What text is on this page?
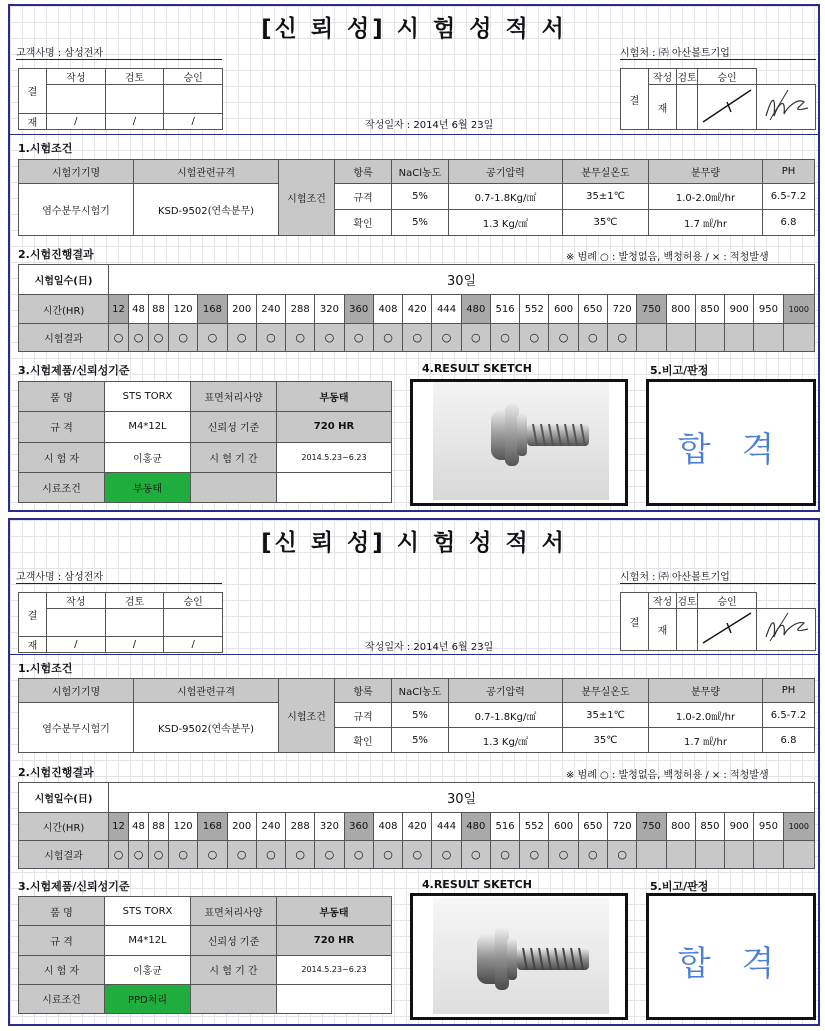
[신 뢰 성] 시 험 성 적 서
고객사명 : 삼성전자	시험처 : ㈜ 아산볼트기업
결	작성	검토	승인

재	/	/	/	작성일자 : 2014년 6월 23일
결	작성	검토	승인	
	재			
1.시험조건
시험기기명	시험관련규격	시험조건	항록	NaCl농도	공기압력	분무실온도	분무량	PH
염수분무시험기	KSD-9502(연속분무)		규격	5%	0.7-1.8Kg/㎠	35±1℃	1.0-2.0㎖/hr	6.5-7.2
			확인	5%	1.3 Kg/㎠	35℃	1.7 ㎖/hr	6.8
2.시험진행결과	※ 범례 ○ : 발청없음, 백청허용 / × : 적청발생
시험일수(日)	30일																								
시간(HR)	12	48	88	120	168	200	240	288	320	360	408	420	444	480	516	552	600	650	720	750	800	850	900	950	1000
시험결과	○	○	○	○	○	○	○	○	○	○	○	○	○	○	○	○	○	○	○						
3.시험제품/신뢰성기준	4.RESULT SKETCH	5.비고/판정
품 명	STS TORX	표면처리사양	부동태
규 격	M4*12L	신뢰성 기준	720 HR
시 험 자	이홍균	시 험 기 간	2014.5.23~6.23
시료조건	부동태		
합 격
[신 뢰 성] 시 험 성 적 서
고객사명 : 삼성전자	시험처 : ㈜ 아산볼트기업
결	작성	검토	승인

재	/	/	/	작성일자 : 2014년 6월 23일
결	작성	검토	승인	
	재			
1.시험조건
시험기기명	시험관련규격	시험조건	항록	NaCl농도	공기압력	분무실온도	분무량	PH
염수분무시험기	KSD-9502(연속분무)		규격	5%	0.7-1.8Kg/㎠	35±1℃	1.0-2.0㎖/hr	6.5-7.2
			확인	5%	1.3 Kg/㎠	35℃	1.7 ㎖/hr	6.8
2.시험진행결과	※ 범례 ○ : 발청없음, 백청허용 / × : 적청발생
시험일수(日)	30일																								
시간(HR)	12	48	88	120	168	200	240	288	320	360	408	420	444	480	516	552	600	650	720	750	800	850	900	950	1000
시험결과	○	○	○	○	○	○	○	○	○	○	○	○	○	○	○	○	○	○	○						
3.시험제품/신뢰성기준	4.RESULT SKETCH	5.비고/판정
품 명	STS TORX	표면처리사양	부동태
규 격	M4*12L	신뢰성 기준	720 HR
시 험 자	이홍균	시 험 기 간	2014.5.23~6.23
시료조건	PPD처리		
합 격
